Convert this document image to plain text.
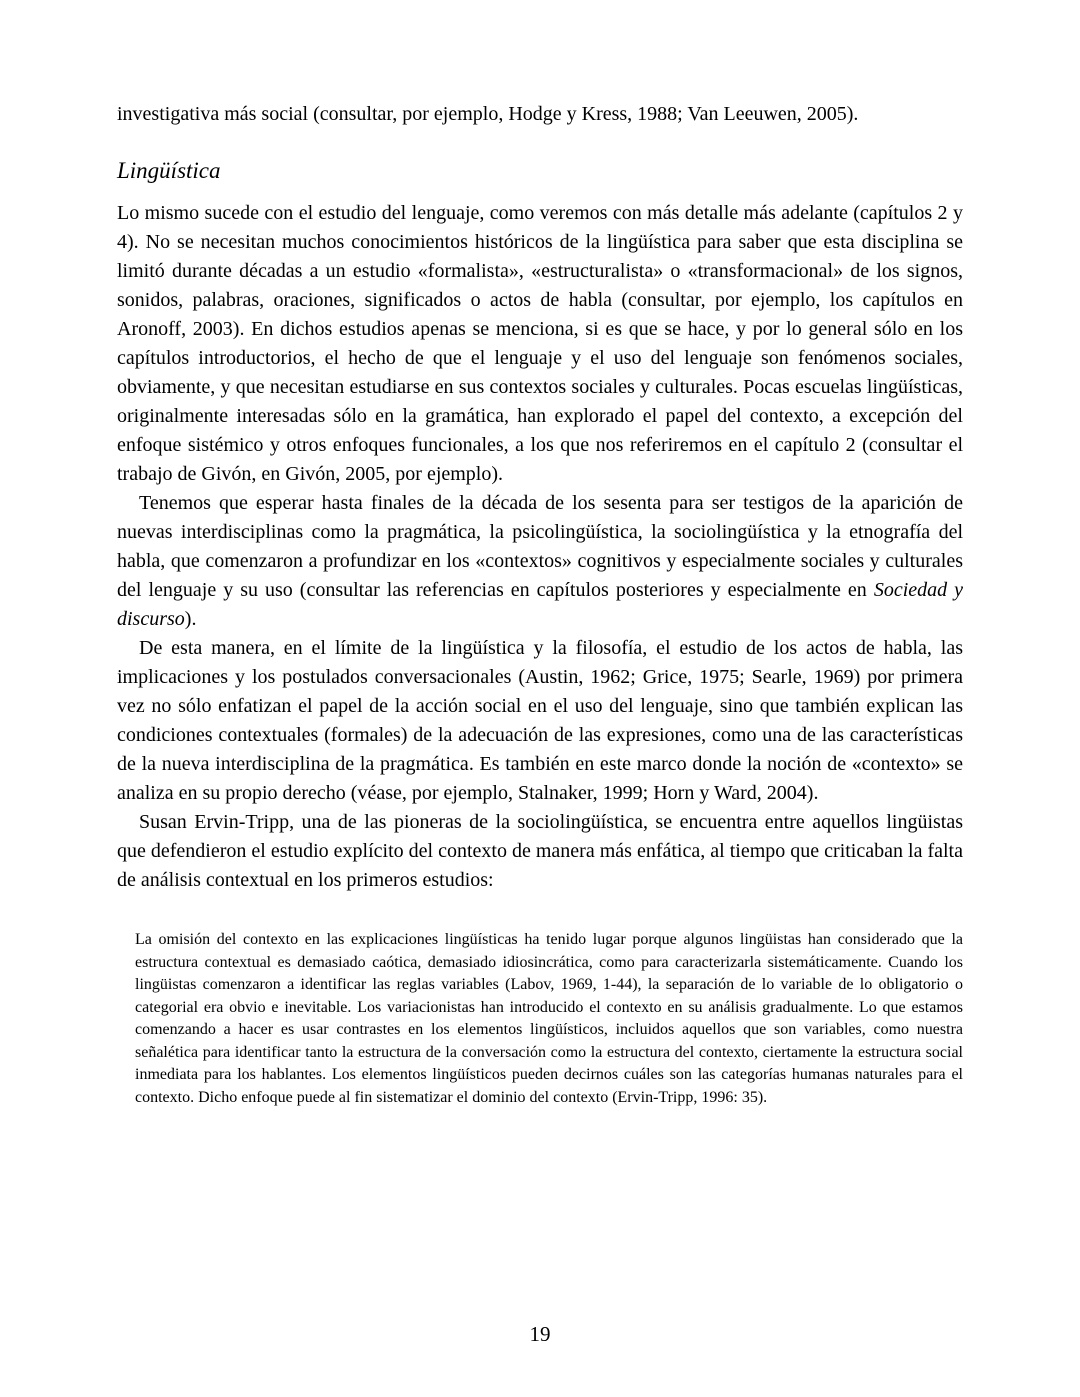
investigativa más social (consultar, por ejemplo, Hodge y Kress, 1988; Van Leeuwen, 2005).

Lingüística

Lo mismo sucede con el estudio del lenguaje, como veremos con más detalle más adelante (capítulos 2 y 4). No se necesitan muchos conocimientos históricos de la lingüística para saber que esta disciplina se limitó durante décadas a un estudio «formalista», «estructuralista» o «transformacional» de los signos, sonidos, palabras, oraciones, significados o actos de habla (consultar, por ejemplo, los capítulos en Aronoff, 2003). En dichos estudios apenas se menciona, si es que se hace, y por lo general sólo en los capítulos introductorios, el hecho de que el lenguaje y el uso del lenguaje son fenómenos sociales, obviamente, y que necesitan estudiarse en sus contextos sociales y culturales. Pocas escuelas lingüísticas, originalmente interesadas sólo en la gramática, han explorado el papel del contexto, a excepción del enfoque sistémico y otros enfoques funcionales, a los que nos referiremos en el capítulo 2 (consultar el trabajo de Givón, en Givón, 2005, por ejemplo).

Tenemos que esperar hasta finales de la década de los sesenta para ser testigos de la aparición de nuevas interdisciplinas como la pragmática, la psicolingüística, la sociolingüística y la etnografía del habla, que comenzaron a profundizar en los «contextos» cognitivos y especialmente sociales y culturales del lenguaje y su uso (consultar las referencias en capítulos posteriores y especialmente en Sociedad y discurso).

De esta manera, en el límite de la lingüística y la filosofía, el estudio de los actos de habla, las implicaciones y los postulados conversacionales (Austin, 1962; Grice, 1975; Searle, 1969) por primera vez no sólo enfatizan el papel de la acción social en el uso del lenguaje, sino que también explican las condiciones contextuales (formales) de la adecuación de las expresiones, como una de las características de la nueva interdisciplina de la pragmática. Es también en este marco donde la noción de «contexto» se analiza en su propio derecho (véase, por ejemplo, Stalnaker, 1999; Horn y Ward, 2004).

Susan Ervin-Tripp, una de las pioneras de la sociolingüística, se encuentra entre aquellos lingüistas que defendieron el estudio explícito del contexto de manera más enfática, al tiempo que criticaban la falta de análisis contextual en los primeros estudios:

La omisión del contexto en las explicaciones lingüísticas ha tenido lugar porque algunos lingüistas han considerado que la estructura contextual es demasiado caótica, demasiado idiosincrática, como para caracterizarla sistemáticamente. Cuando los lingüistas comenzaron a identificar las reglas variables (Labov, 1969, 1-44), la separación de lo variable de lo obligatorio o categorial era obvio e inevitable. Los variacionistas han introducido el contexto en su análisis gradualmente. Lo que estamos comenzando a hacer es usar contrastes en los elementos lingüísticos, incluidos aquellos que son variables, como nuestra señalética para identificar tanto la estructura de la conversación como la estructura del contexto, ciertamente la estructura social inmediata para los hablantes. Los elementos lingüísticos pueden decirnos cuáles son las categorías humanas naturales para el contexto. Dicho enfoque puede al fin sistematizar el dominio del contexto (Ervin-Tripp, 1996: 35).
19
